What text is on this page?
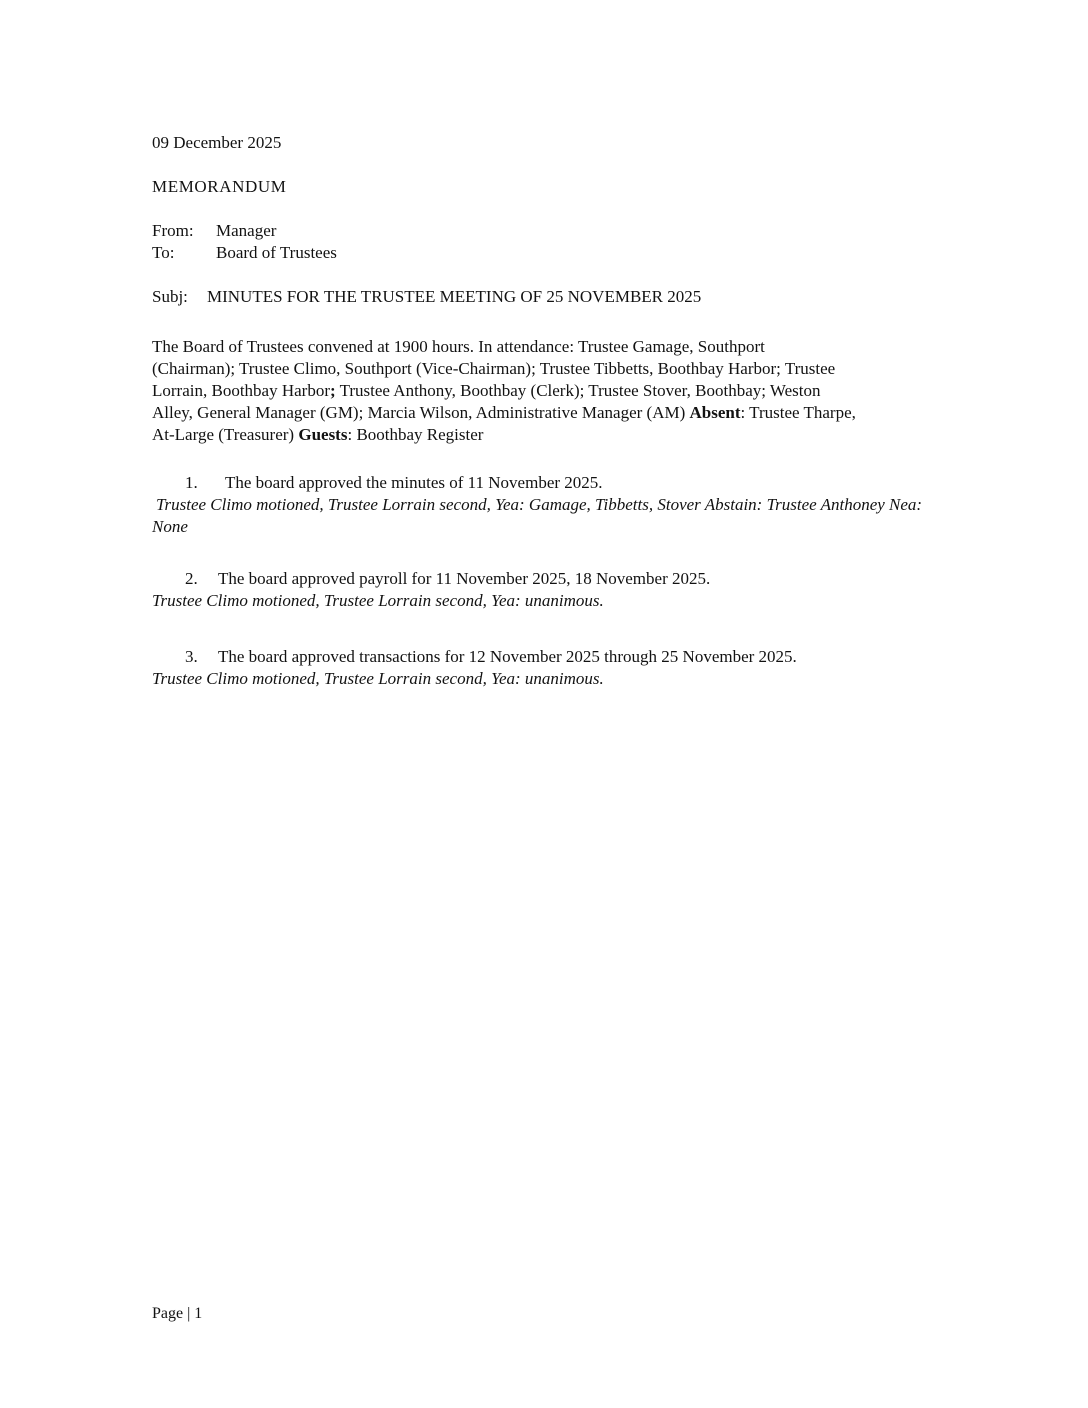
09 December 2025
MEMORANDUM
From: Manager
To: Board of Trustees
Subj: MINUTES FOR THE TRUSTEE MEETING OF 25 NOVEMBER 2025
The Board of Trustees convened at 1900 hours. In attendance: Trustee Gamage, Southport
(Chairman); Trustee Climo, Southport (Vice-Chairman); Trustee Tibbetts, Boothbay Harbor; Trustee
Lorrain, Boothbay Harbor; Trustee Anthony, Boothbay (Clerk); Trustee Stover, Boothbay; Weston
Alley, General Manager (GM); Marcia Wilson, Administrative Manager (AM) Absent: Trustee Tharpe,
At-Large (Treasurer) Guests: Boothbay Register
1. The board approved the minutes of 11 November 2025.
Trustee Climo motioned, Trustee Lorrain second, Yea: Gamage, Tibbetts, Stover Abstain: Trustee Anthoney Nea:
None
2. The board approved payroll for 11 November 2025, 18 November 2025.
Trustee Climo motioned, Trustee Lorrain second, Yea: unanimous.
3. The board approved transactions for 12 November 2025 through 25 November 2025.
Trustee Climo motioned, Trustee Lorrain second, Yea: unanimous.
Page | 1
